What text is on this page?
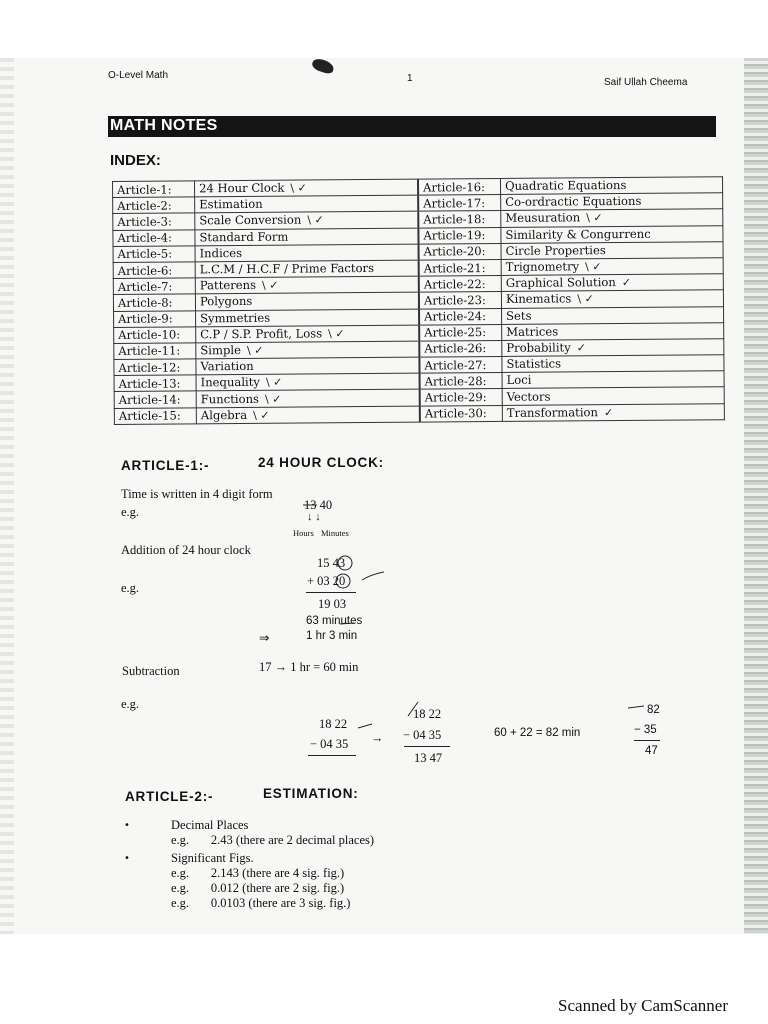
O-Level Math	1	Saif Ullah Cheema
MATH NOTES
INDEX:
Article-1:	24 Hour Clock \ ✓	Article-16:	Quadratic Equations
Article-2:	Estimation	Article-17:	Co-ordractic Equations
Article-3:	Scale Conversion \ ✓	Article-18:	Meusuration \ ✓
Article-4:	Standard Form	Article-19:	Similarity & Congurrenc
Article-5:	Indices	Article-20:	Circle Properties
Article-6:	L.C.M / H.C.F / Prime Factors	Article-21:	Trignometry \ ✓
Article-7:	Patterens \ ✓	Article-22:	Graphical Solution ✓
Article-8:	Polygons	Article-23:	Kinematics \ ✓
Article-9:	Symmetries	Article-24:	Sets
Article-10:	C.P / S.P. Profit, Loss \ ✓	Article-25:	Matrices
Article-11:	Simple \ ✓	Article-26:	Probability ✓
Article-12:	Variation	Article-27:	Statistics
Article-13:	Inequality \ ✓	Article-28:	Loci
Article-14:	Functions \ ✓	Article-29:	Vectors
Article-15:	Algebra \ ✓	Article-30:	Transformation ✓
ARTICLE-1:-	24 HOUR CLOCK:
Time is written in 4 digit form
e.g.	13 40
↓ ↓
Hours Minutes
Addition of 24 hour clock
e.g.
15 43
+ 03 20
19 03
63 minutes
⇒	1 hr 3 min
Subtraction	17 → 1 hr = 60 min
e.g.
18 22
− 04 35 →
18 22
− 04 35
13 47
60 + 22 = 82 min
82
− 35
47
ARTICLE-2:-	ESTIMATION:
•	Decimal Places
e.g.       2.43 (there are 2 decimal places)
•	Significant Figs.
e.g.       2.143 (there are 4 sig. fig.)
e.g.       0.012 (there are 2 sig. fig.)
e.g.       0.0103 (there are 3 sig. fig.)
Scanned by CamScanner
